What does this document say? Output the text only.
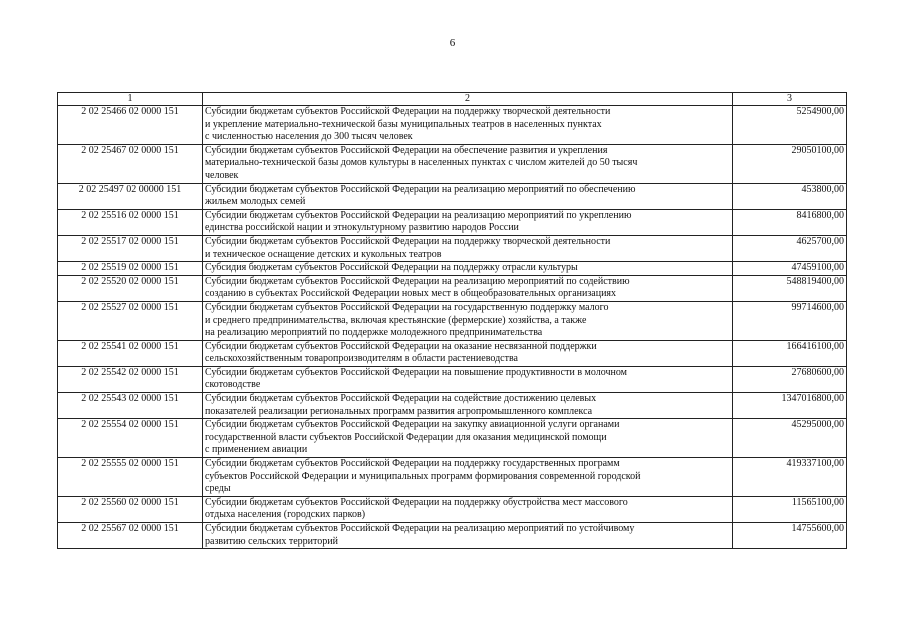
6
1	2	3
2 02 25466 02 0000 151	Субсидии бюджетам субъектов Российской Федерации на поддержку творческой деятельности
и укрепление материально-технической базы муниципальных театров в населенных пунктах
с численностью населения до 300 тысяч человек	5254900,00
2 02 25467 02 0000 151	Субсидии бюджетам субъектов Российской Федерации на обеспечение развития и укрепления
материально-технической базы домов культуры в населенных пунктах с числом жителей до 50 тысяч
человек	29050100,00
2 02 25497 02 00000 151	Субсидии бюджетам субъектов Российской Федерации на реализацию мероприятий по обеспечению
жильем молодых семей	453800,00
2 02 25516 02 0000 151	Субсидии бюджетам субъектов Российской Федерации на реализацию мероприятий по укреплению
единства российской нации и этнокультурному развитию народов России	8416800,00
2 02 25517 02 0000 151	Субсидии бюджетам субъектов Российской Федерации на поддержку творческой деятельности
и техническое оснащение детских и кукольных театров	4625700,00
2 02 25519 02 0000 151	Субсидия бюджетам субъектов Российской Федерации на поддержку отрасли культуры	47459100,00
2 02 25520 02 0000 151	Субсидии бюджетам субъектов Российской Федерации на реализацию мероприятий по содействию
созданию в субъектах Российской Федерации новых мест в общеобразовательных организациях	548819400,00
2 02 25527 02 0000 151	Субсидии бюджетам субъектов Российской Федерации на государственную поддержку малого
и среднего предпринимательства, включая крестьянские (фермерские) хозяйства, а также
на реализацию мероприятий по поддержке молодежного предпринимательства	99714600,00
2 02 25541 02 0000 151	Субсидии бюджетам субъектов Российской Федерации на оказание несвязанной поддержки
сельскохозяйственным товаропроизводителям в области растениеводства	166416100,00
2 02 25542 02 0000 151	Субсидии бюджетам субъектов Российской Федерации на повышение продуктивности в молочном
скотоводстве	27680600,00
2 02 25543 02 0000 151	Субсидии бюджетам субъектов Российской Федерации на содействие достижению целевых
показателей реализации региональных программ развития агропромышленного комплекса	1347016800,00
2 02 25554 02 0000 151	Субсидии бюджетам субъектов Российской Федерации на закупку авиационной услуги органами
государственной власти субъектов Российской Федерации для оказания медицинской помощи
с применением авиации	45295000,00
2 02 25555 02 0000 151	Субсидии бюджетам субъектов Российской Федерации на поддержку государственных программ
субъектов Российской Федерации и муниципальных программ формирования современной городской
среды	419337100,00
2 02 25560 02 0000 151	Субсидии бюджетам субъектов Российской Федерации на поддержку обустройства мест массового
отдыха населения (городских парков)	11565100,00
2 02 25567 02 0000 151	Субсидии бюджетам субъектов Российской Федерации на реализацию мероприятий по устойчивому
развитию сельских территорий	14755600,00
